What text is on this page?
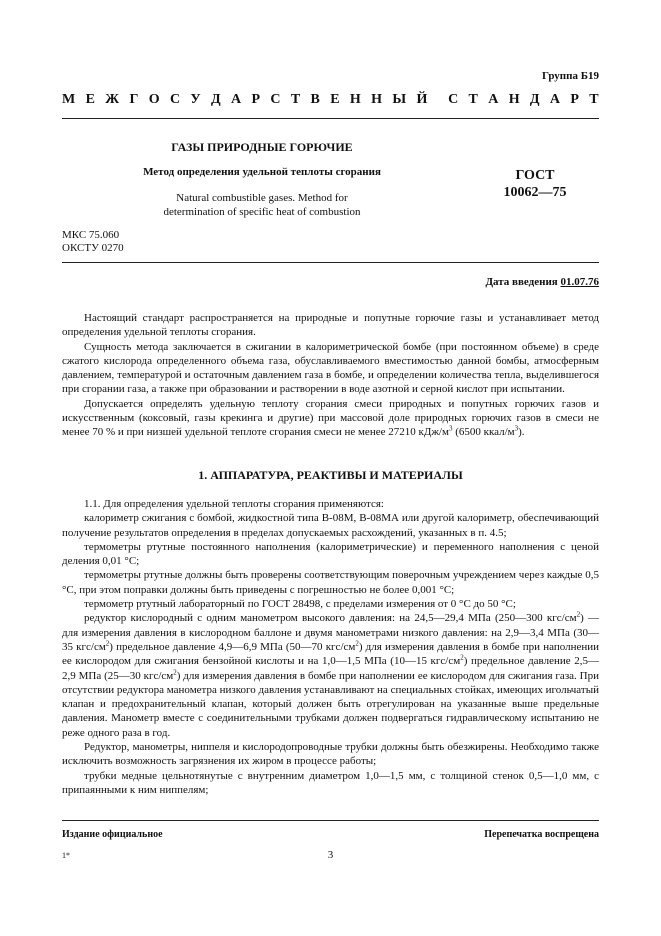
Группа Б19
М Е Ж Г О С У Д А Р С Т В Е Н Н Ы Й С Т А Н Д А Р Т
ГАЗЫ ПРИРОДНЫЕ ГОРЮЧИЕ
Метод определения удельной теплоты сгорания
Natural combustible gases. Method for
determination of specific heat of combustion
ГОСТ
10062—75
МКС 75.060
ОКСТУ 0270
Дата введения 01.07.76

Настоящий стандарт распространяется на природные и попутные горючие газы и устанавливает метод определения удельной теплоты сгорания.

Сущность метода заключается в сжигании в калориметрической бомбе (при постоянном объеме) в среде сжатого кислорода определенного объема газа, обуславливаемого вместимостью данной бомбы, атмосферным давлением, температурой и остаточным давлением газа в бомбе, и определении количества тепла, выделившегося при сгорании газа, а также при образовании и растворении в воде азотной и серной кислот при испытании.

Допускается определять удельную теплоту сгорания смеси природных и попутных горючих газов и искусственным (коксовый, газы крекинга и другие) при массовой доле природных горючих газов в смеси не менее 70 % и при низшей удельной теплоте сгорания смеси не менее 27210 кДж/$м^3$ (6500 ккал/$м^3$).

1. АППАРАТУРА, РЕАКТИВЫ И МАТЕРИАЛЫ

1.1. Для определения удельной теплоты сгорания применяются:

калориметр сжигания с бомбой, жидкостной типа В-08М, В-08МА или другой калориметр, обеспечивающий получение результатов определения в пределах допускаемых расхождений, указанных в п. 4.5;

термометры ртутные постоянного наполнения (калориметрические) и переменного наполнения с ценой деления 0,01 °С;

термометры ртутные должны быть проверены соответствующим поверочным учреждением через каждые 0,5 °С, при этом поправки должны быть приведены с погрешностью не более 0,001 °С;

термометр ртутный лабораторный по ГОСТ 28498, с пределами измерения от 0 °С до 50 °С;

редуктор кислородный с одним манометром высокого давления: на 24,5—29,4 МПа (250—300 кгс/$см^2$) — для измерения давления в кислородном баллоне и двумя манометрами низкого давления: на 2,9—3,4 МПа (30—35 кгс/$см^2$) предельное давление 4,9—6,9 МПа (50—70 кгс/$см^2$) для измерения давления в бомбе при наполнении ее кислородом для сжигания бензойной кислоты и на 1,0—1,5 МПа (10—15 кгс/$см^2$) предельное давление 2,5—2,9 МПа (25—30 кгс/$см^2$) для измерения давления в бомбе при наполнении ее кислородом для сжигания газа. При отсутствии редуктора манометра низкого давления устанавливают на специальных стойках, имеющих игольчатый клапан и предохранительный клапан, который должен быть отрегулирован на указанные выше предельные давления. Манометр вместе с соединительными трубками должен подвергаться гидравлическому испытанию не реже одного раза в год.

Редуктор, манометры, ниппеля и кислородопроводные трубки должны быть обезжирены. Необходимо также исключить возможность загрязнения их жиром в процессе работы;

трубки медные цельнотянутые с внутренним диаметром 1,0—1,5 мм, с толщиной стенок 0,5—1,0 мм, с припаянными к ним ниппелям;

Издание официальное	Перепечатка воспрещена
1*	3
